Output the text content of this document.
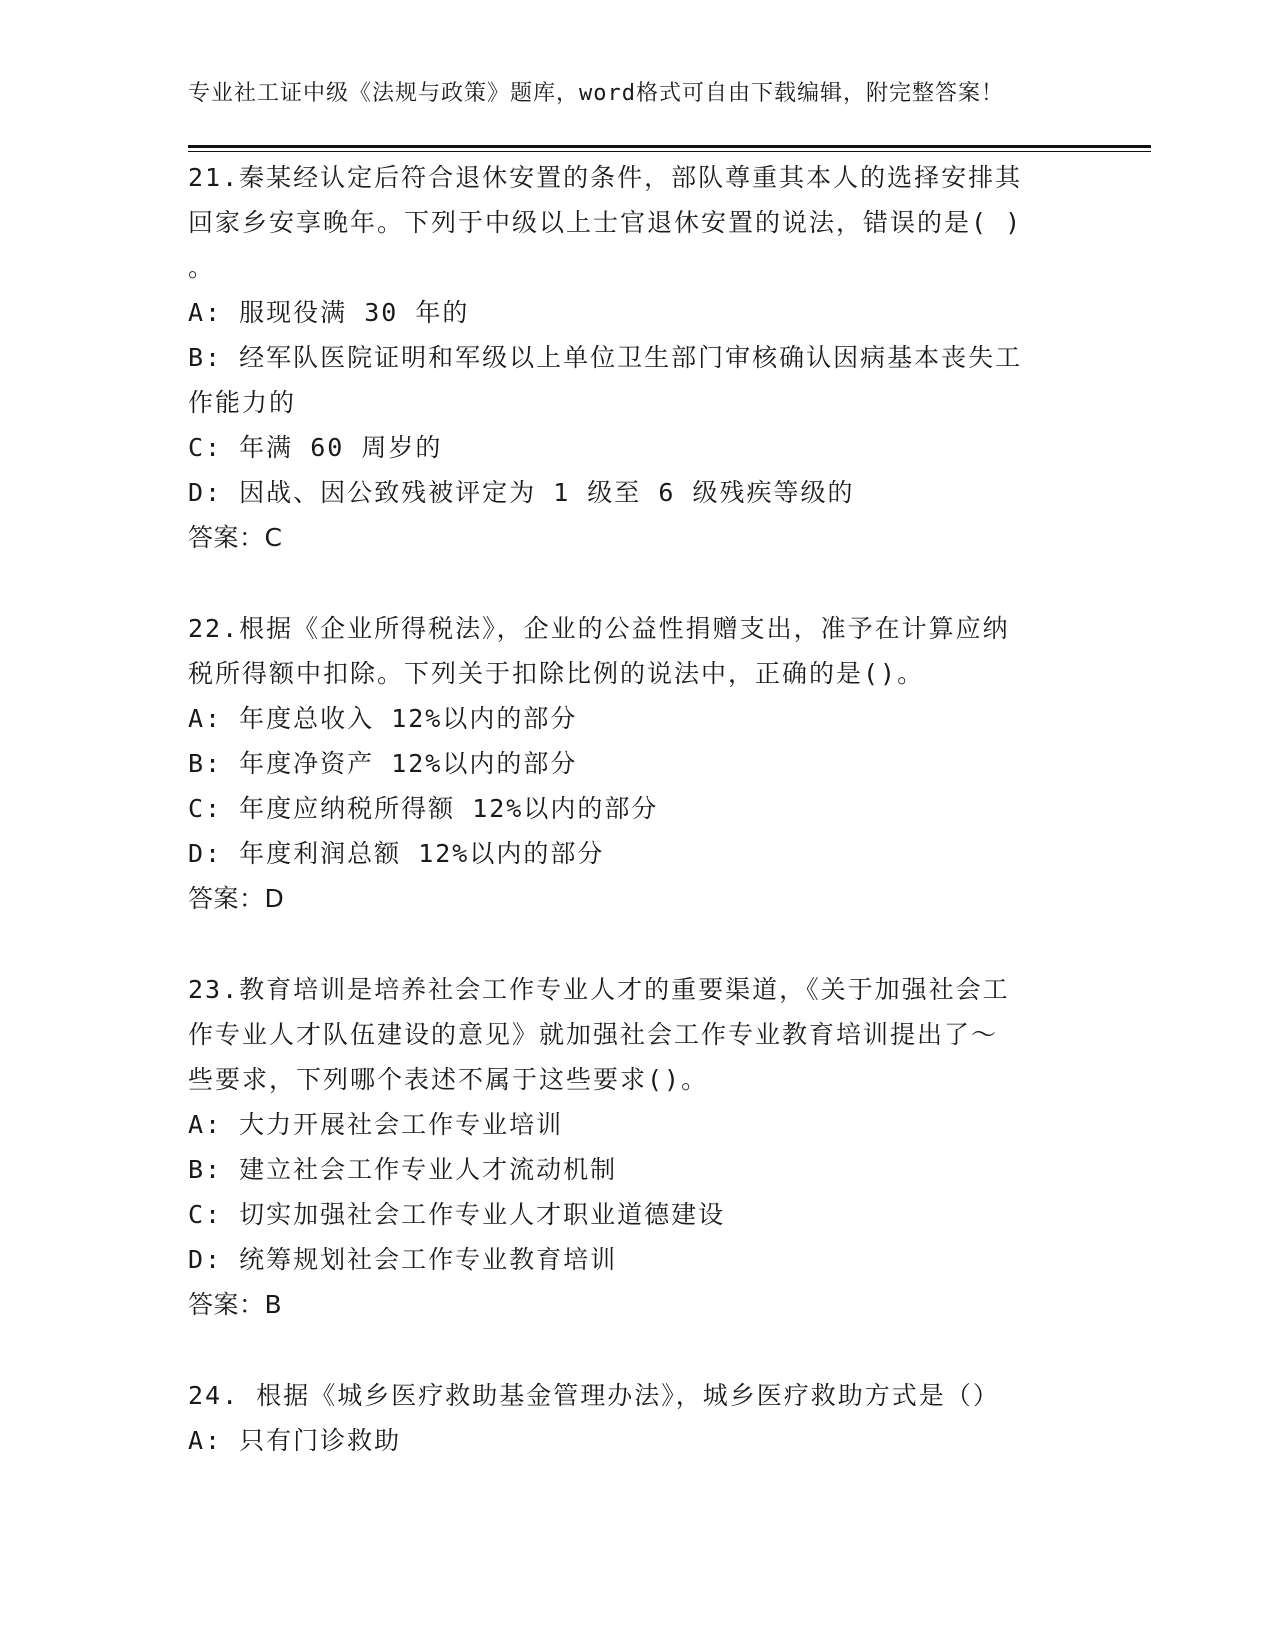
专业社工证中级《法规与政策》题库，word格式可自由下载编辑，附完整答案！
21.秦某经认定后符合退休安置的条件，部队尊重其本人的选择安排其
回家乡安享晚年。下列于中级以上士官退休安置的说法，错误的是( )
。
A: 服现役满 30 年的
B: 经军队医院证明和军级以上单位卫生部门审核确认因病基本丧失工
作能力的
C: 年满 60 周岁的
D: 因战、因公致残被评定为 1 级至 6 级残疾等级的
答案：C
22.根据《企业所得税法》，企业的公益性捐赠支出，准予在计算应纳
税所得额中扣除。下列关于扣除比例的说法中，正确的是()。
A: 年度总收入 12%以内的部分
B: 年度净资产 12%以内的部分
C: 年度应纳税所得额 12%以内的部分
D: 年度利润总额 12%以内的部分
答案：D
23.教育培训是培养社会工作专业人才的重要渠道，《关于加强社会工
作专业人才队伍建设的意见》就加强社会工作专业教育培训提出了～
些要求，下列哪个表述不属于这些要求()。
A: 大力开展社会工作专业培训
B: 建立社会工作专业人才流动机制
C: 切实加强社会工作专业人才职业道德建设
D: 统筹规划社会工作专业教育培训
答案：B
24. 根据《城乡医疗救助基金管理办法》，城乡医疗救助方式是（）
A: 只有门诊救助
